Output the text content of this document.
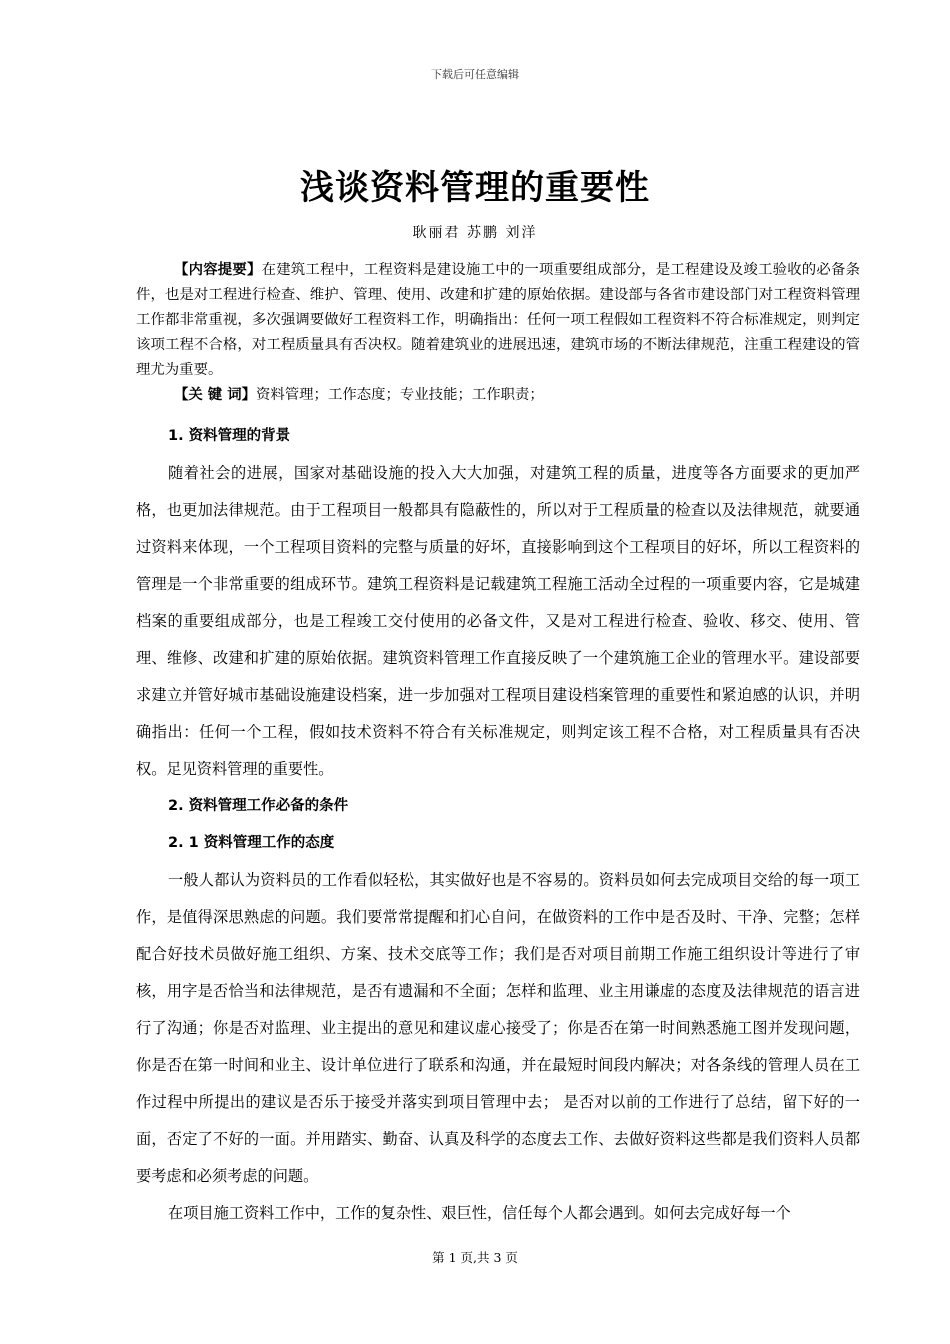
下载后可任意编辑
浅谈资料管理的重要性
耿丽君 苏鹏 刘洋

【内容提要】在建筑工程中，工程资料是建设施工中的一项重要组成部分，是工程建设及竣工验收的必备条件，也是对工程进行检查、维护、管理、使用、改建和扩建的原始依据。建设部与各省市建设部门对工程资料管理工作都非常重视，多次强调要做好工程资料工作，明确指出：任何一项工程假如工程资料不符合标准规定，则判定该项工程不合格，对工程质量具有否决权。随着建筑业的进展迅速，建筑市场的不断法律规范，注重工程建设的管理尤为重要。

【关 键 词】资料管理；工作态度；专业技能；工作职责；

1. 资料管理的背景

随着社会的进展，国家对基础设施的投入大大加强，对建筑工程的质量，进度等各方面要求的更加严格，也更加法律规范。由于工程项目一般都具有隐蔽性的，所以对于工程质量的检查以及法律规范，就要通过资料来体现，一个工程项目资料的完整与质量的好坏，直接影响到这个工程项目的好坏，所以工程资料的管理是一个非常重要的组成环节。建筑工程资料是记载建筑工程施工活动全过程的一项重要内容，它是城建档案的重要组成部分，也是工程竣工交付使用的必备文件，又是对工程进行检查、验收、移交、使用、管理、维修、改建和扩建的原始依据。建筑资料管理工作直接反映了一个建筑施工企业的管理水平。建设部要求建立并管好城市基础设施建设档案，进一步加强对工程项目建设档案管理的重要性和紧迫感的认识，并明确指出：任何一个工程，假如技术资料不符合有关标准规定，则判定该工程不合格，对工程质量具有否决权。足见资料管理的重要性。

2. 资料管理工作必备的条件
2. 1 资料管理工作的态度

一般人都认为资料员的工作看似轻松，其实做好也是不容易的。资料员如何去完成项目交给的每一项工作，是值得深思熟虑的问题。我们要常常提醒和扪心自问，在做资料的工作中是否及时、干净、完整；怎样配合好技术员做好施工组织、方案、技术交底等工作；我们是否对项目前期工作施工组织设计等进行了审核，用字是否恰当和法律规范，是否有遗漏和不全面；怎样和监理、业主用谦虚的态度及法律规范的语言进行了沟通；你是否对监理、业主提出的意见和建议虚心接受了；你是否在第一时间熟悉施工图并发现问题，你是否在第一时间和业主、设计单位进行了联系和沟通，并在最短时间段内解决；对各条线的管理人员在工作过程中所提出的建议是否乐于接受并落实到项目管理中去； 是否对以前的工作进行了总结，留下好的一面，否定了不好的一面。并用踏实、勤奋、认真及科学的态度去工作、去做好资料这些都是我们资料人员都要考虑和必须考虑的问题。

在项目施工资料工作中，工作的复杂性、艰巨性，信任每个人都会遇到。如何去完成好每一个

第 1 页,共 3 页
